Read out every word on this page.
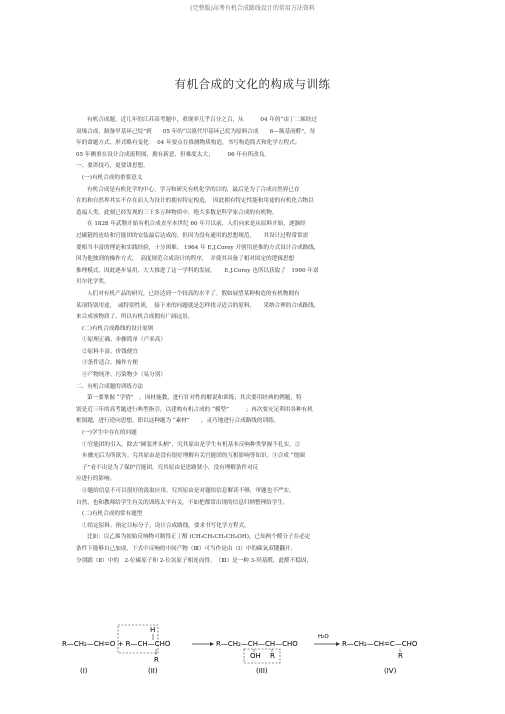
(完整版)高考有机合成路线设计的常用方法资料
有机合成的文化的构成与训练
有机合成题，近几年的江苏高考题中，重现率几乎百分之百，从　　　04 年的“由丁二烯经过
双烯合成，制备甲基环己烷”到　　05 年的“以溴代甲基环己烷为原料合成　　6—羰基庚醛”，每
年的命题方式、形式略有变化：　04 年要点在推测物质构造，书写构造简式和化学方程式；
05 年侧重在设计合成流程图，拥有新意，但难度太大；　　　06 年有所改良。
一、要讲技巧，更要讲思想。
(一)有机合成的重要意义
有机合成是有机化学的中心，学习和研究有机化学的目的，最后是为了合成自然界已存
在的和自然界其实不存在而人为设计的拥有特定构造，　因此拥有特定性能和用途的有机化合物以
造福人类。此刻已经发现的三千多万种物质中，绝大多数是科学家合成的有机物。
在 1828 年武勒开始有机合成直至本世纪 60 年月以前，人们向来是从原料开始，逐渐经
过碳链的连结和官能团的安装最后达成的，但因为没有通用的思想规范，　　其设计过程常常需
要相当丰富的理论和实践经验，十分困难。 1964 年 E.J.Corey 开创用逆推的方式设计合成路线，
因为他独到的操作方式，　高度规范合成设计的程序，　并使其具备了相对固定的逻辑思想
推理模式，因此逐步易用，大大推进了这一学科的发展。　　E.J.Corey 也所以获取了　1990 年诺
贝尔化学奖。
人们对有机产品的研究，已经达到一个较高的水平了。假如展望某种构造的有机物拥有
某项特别用途，　或特别性质，　接下来的问题就是怎样找寻适合的原料，　　采纳合理的合成路线，
来合成该物质了，所以有机合成拥有广阔远景。
(二)有机合成路线的设计原则
①原理正确、步骤简单（产率高）
②原料丰富、价钱便宜
③条件适合、操作方便
④产物纯净、污染物少（易分别）
二、有机合成题的训练方法
第一要掌握 “学情”　，因材施教，进行针对性的解说和训练；其次要用经典的例题，特
别是近三年的高考题进行典型指引，以建构有机合成的 “模型”　　　；再次要充足利用各种有机
框图题，进行逆向思想，即以这种题为 “素材”　　，灵巧地进行合成路线的训练。
(一)学生中存在的问题
①官能团的引入、除去“硬装斧头柄”，究其原由是学生有机基本反响种类掌握不扎实。②
步骤充后为所欲为。究其原由是没有很好理解有关官能团的互相影响等知识。③合成 “绕圈
子”看不出是为了保护官能团。究其原由是思路狭小，没有理解条件对反
应进行的影响。
④题给信息不可以很好的汲取应用。究其原由是对题给信息解读不够，审题也不严实，
自然，也和教师给学生有关的训练太平有关。不如把都常出现的信息归纳整理给学生。
(二)有机合成的常有题型
①给定原料、指定目标分子，设计合成路线，要求书写化学方程式。
比如：以乙烯为初始反响物可制得正丁醇 (CH₃CH₂CH₂CH₂OH)，已知两个醛分子在必定
条件下能够自己加成，下式中反响的中间产物（Ⅲ）可当作是由（Ⅰ）中的碳氧双键翻开，
分别跟（Ⅱ）中的　2-位碳原子和 2-位氢原子相连而得。　（Ⅲ）是一种 3-羟基醛，此醛不稳固，
R—CH₂—CH=O + R—CH—CHO
H
R
R—CH₂—CH—CH—CHO
OH R
H₂O
R—CH₂—CH=C—CHO
R
(I)	(II)	(III)	(IV)
